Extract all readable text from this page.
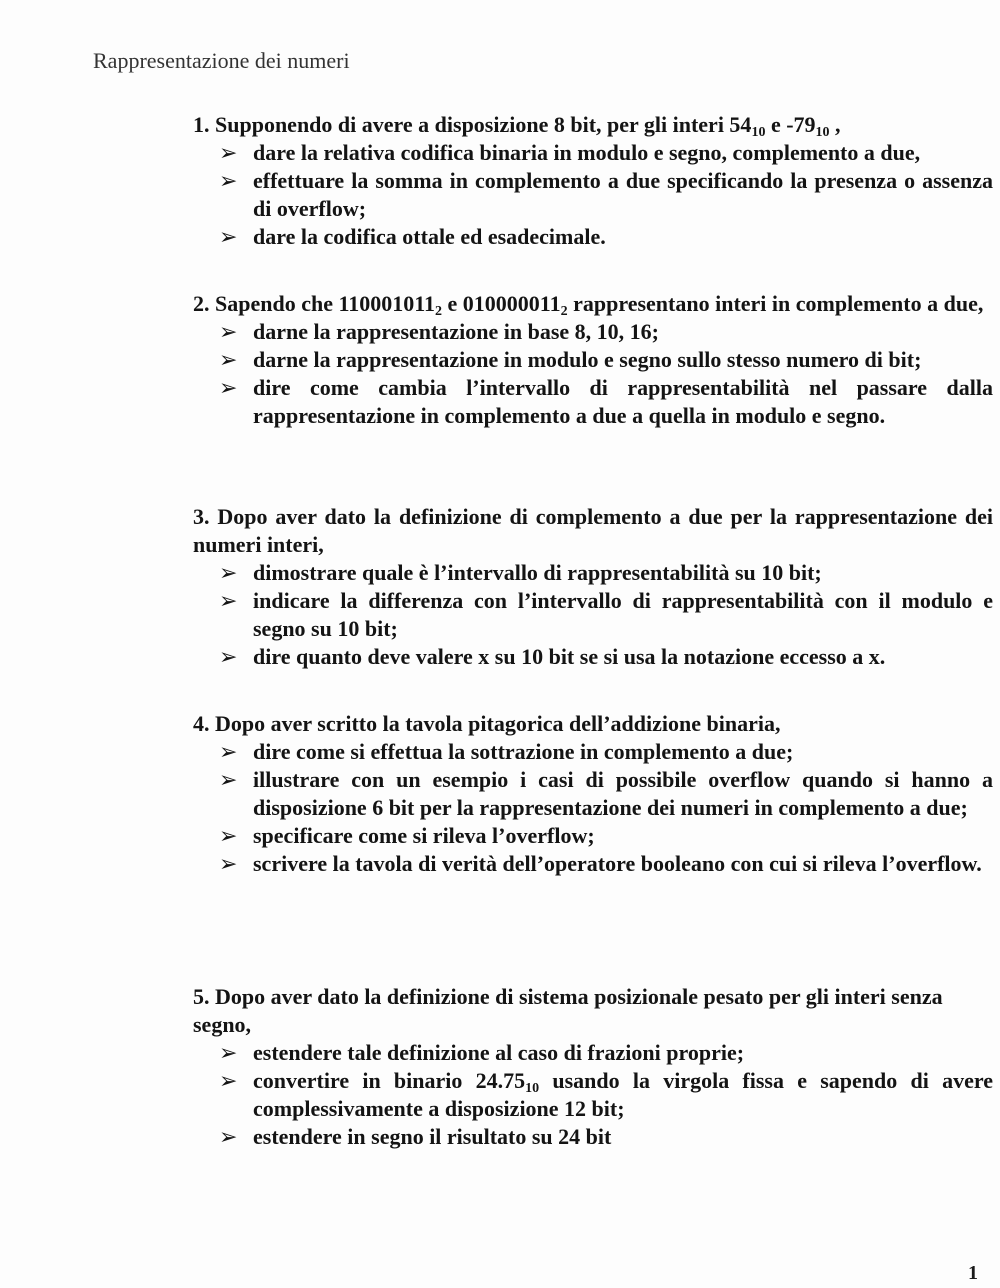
Rappresentazione dei numeri
1. Supponendo di avere a disposizione 8 bit, per gli interi $54_{10}$ e $-79_{10}$ ,
➢ dare la relativa codifica binaria in modulo e segno, complemento a due,
➢ effettuare la somma in complemento a due specificando la presenza o assenza di overflow;
➢ dare la codifica ottale ed esadecimale.
2. Sapendo che $110001011_2$ e $010000011_2$ rappresentano interi in complemento a due,
➢ darne la rappresentazione in base 8, 10, 16;
➢ darne la rappresentazione in modulo e segno sullo stesso numero di bit;
➢ dire come cambia l’intervallo di rappresentabilità nel passare dalla rappresentazione in complemento a due a quella in modulo e segno.
3. Dopo aver dato la definizione di complemento a due per la rappresentazione dei numeri interi,
➢ dimostrare quale è l’intervallo di rappresentabilità su 10 bit;
➢ indicare la differenza con l’intervallo di rappresentabilità con il modulo e segno su 10 bit;
➢ dire quanto deve valere x su 10 bit se si usa la notazione eccesso a x.
4. Dopo aver scritto la tavola pitagorica dell’addizione binaria,
➢ dire come si effettua la sottrazione in complemento a due;
➢ illustrare con un esempio i casi di possibile overflow quando si hanno a disposizione 6 bit per la rappresentazione dei numeri in complemento a due;
➢ specificare come si rileva l’overflow;
➢ scrivere la tavola di verità dell’operatore booleano con cui si rileva l’overflow.
5. Dopo aver dato la definizione di sistema posizionale pesato per gli interi senza segno,
➢ estendere tale definizione al caso di frazioni proprie;
➢ convertire in binario $24.75_{10}$ usando la virgola fissa e sapendo di avere complessivamente a disposizione 12 bit;
➢ estendere in segno il risultato su 24 bit
1
